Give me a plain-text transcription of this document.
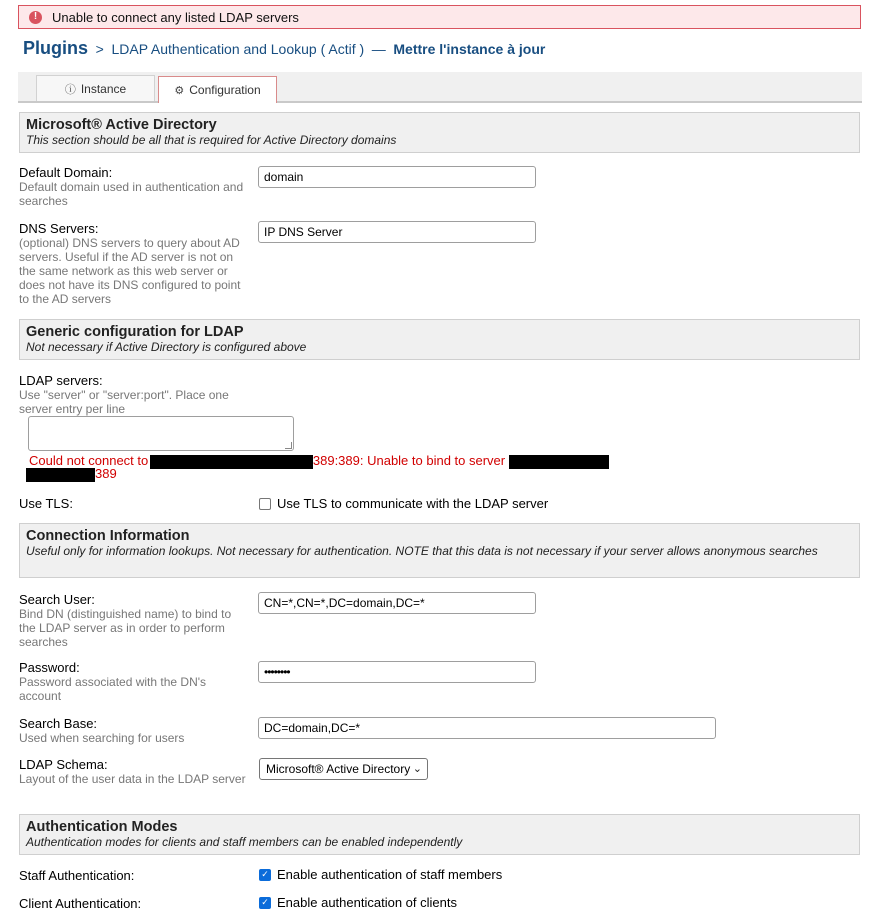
!	Unable to connect any listed LDAP servers
Plugins > LDAP Authentication and Lookup ( Actif ) — Mettre l'instance à jour
ⓘ Instance	⚙ Configuration
Microsoft® Active Directory
This section should be all that is required for Active Directory domains
Default Domain:
Default domain used in authentication and searches
domain
DNS Servers:
(optional) DNS servers to query about AD servers. Useful if the AD server is not on the same network as this web server or does not have its DNS configured to point to the AD servers
IP DNS Server
Generic configuration for LDAP
Not necessary if Active Directory is configured above
LDAP servers:
Use "server" or "server:port". Place one server entry per line
Could not connect to	389:389: Unable to bind to server
389
Use TLS:	Use TLS to communicate with the LDAP server
Connection Information
Useful only for information lookups. Not necessary for authentication. NOTE that this data is not necessary if your server allows anonymous searches
Search User:
Bind DN (distinguished name) to bind to the LDAP server as in order to perform searches
CN=*,CN=*,DC=domain,DC=*
Password:
Password associated with the DN's account
••••••••
Search Base:
Used when searching for users
DC=domain,DC=*
LDAP Schema:
Layout of the user data in the LDAP server
Microsoft® Active Directory ⌄
Authentication Modes
Authentication modes for clients and staff members can be enabled independently
Staff Authentication:	✓ Enable authentication of staff members
Client Authentication:	✓ Enable authentication of clients
